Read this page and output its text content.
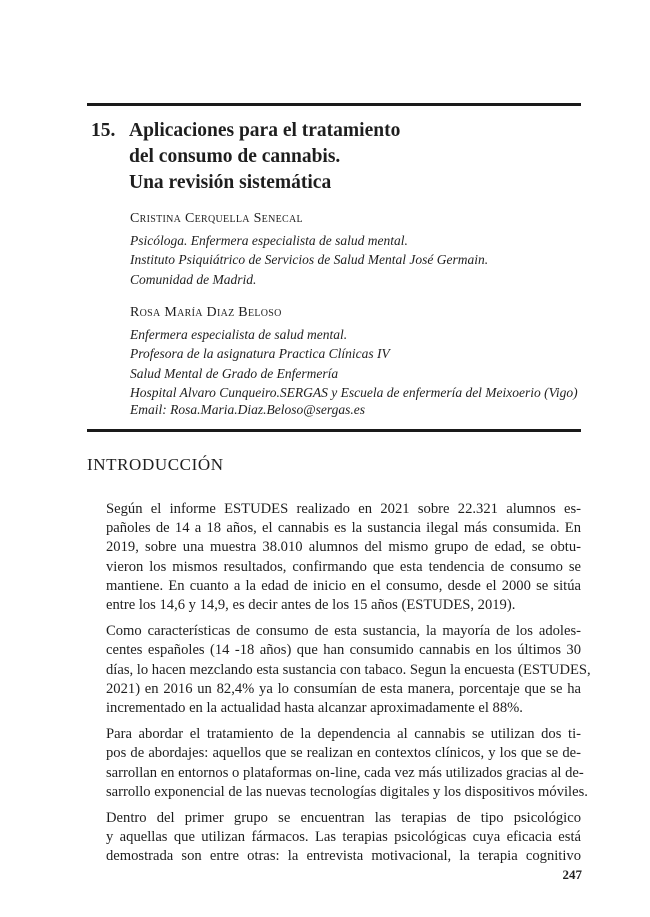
15. Aplicaciones para el tratamiento
del consumo de cannabis.
Una revisión sistemática
Cristina Cerquella Senecal
Psicóloga. Enfermera especialista de salud mental.
Instituto Psiquiátrico de Servicios de Salud Mental José Germain.
Comunidad de Madrid.
Rosa María Diaz Beloso
Enfermera especialista de salud mental.
Profesora de la asignatura Practica Clínicas IV
Salud Mental de Grado de Enfermería
Hospital Alvaro Cunqueiro.SERGAS y Escuela de enfermería del Meixoerio (Vigo)
Email: Rosa.Maria.Diaz.Beloso@sergas.es
INTRODUCCIÓN

Según el informe ESTUDES realizado en 2021 sobre 22.321 alumnos es-
pañoles de 14 a 18 años, el cannabis es la sustancia ilegal más consumida. En
2019, sobre una muestra 38.010 alumnos del mismo grupo de edad, se obtu-
vieron los mismos resultados, confirmando que esta tendencia de consumo se
mantiene. En cuanto a la edad de inicio en el consumo, desde el 2000 se sitúa
entre los 14,6 y 14,9, es decir antes de los 15 años (ESTUDES, 2019).

Como características de consumo de esta sustancia, la mayoría de los adoles-
centes españoles (14 -18 años) que han consumido cannabis en los últimos 30
días, lo hacen mezclando esta sustancia con tabaco. Segun la encuesta (ESTUDES,
2021) en 2016 un 82,4% ya lo consumían de esta manera, porcentaje que se ha
incrementado en la actualidad hasta alcanzar aproximadamente el 88%.

Para abordar el tratamiento de la dependencia al cannabis se utilizan dos ti-
pos de abordajes: aquellos que se realizan en contextos clínicos, y los que se de-
sarrollan en entornos o plataformas on-line, cada vez más utilizados gracias al de-
sarrollo exponencial de las nuevas tecnologías digitales y los dispositivos móviles.

Dentro del primer grupo se encuentran las terapias de tipo psicológico
y aquellas que utilizan fármacos. Las terapias psicológicas cuya eficacia está
demostrada son entre otras: la entrevista motivacional, la terapia cognitivo

247
